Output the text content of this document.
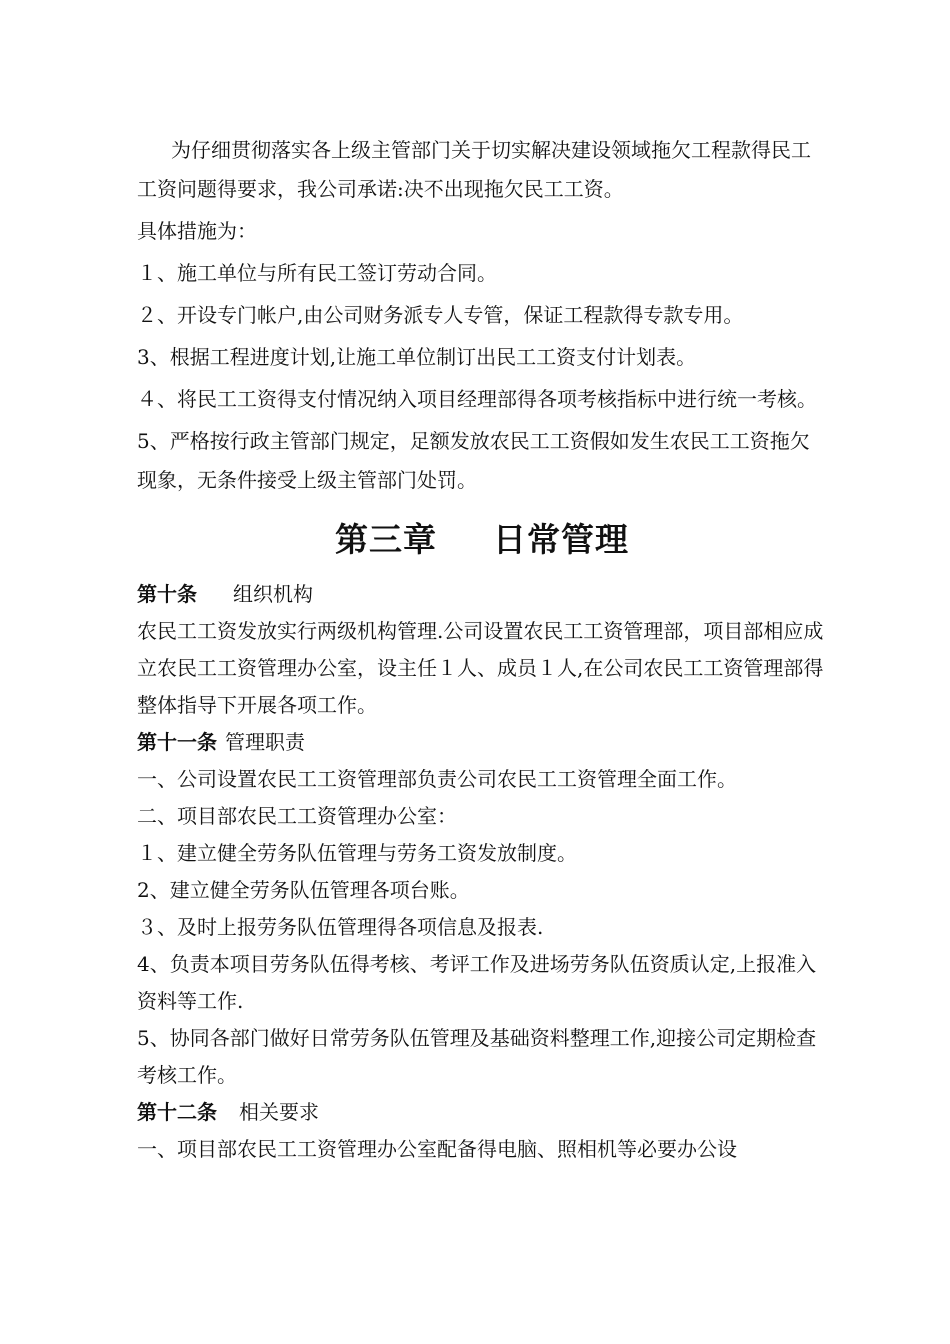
为仔细贯彻落实各上级主管部门关于切实解决建设领域拖欠工程款得民工工资问题得要求，我公司承诺:决不出现拖欠民工工资。

具体措施为：

１、施工单位与所有民工签订劳动合同。

２、开设专门帐户,由公司财务派专人专管，保证工程款得专款专用。

3、根据工程进度计划,让施工单位制订出民工工资支付计划表。

４、将民工工资得支付情况纳入项目经理部得各项考核指标中进行统一考核。

5、严格按行政主管部门规定，足额发放农民工工资假如发生农民工工资拖欠现象，无条件接受上级主管部门处罚。

第三章 日常管理

第十条 组织机构

农民工工资发放实行两级机构管理.公司设置农民工工资管理部，项目部相应成立农民工工资管理办公室，设主任１人、成员１人,在公司农民工工资管理部得整体指导下开展各项工作。

第十一条 管理职责

一、公司设置农民工工资管理部负责公司农民工工资管理全面工作。

二、项目部农民工工资管理办公室：

１、建立健全劳务队伍管理与劳务工资发放制度。

2、建立健全劳务队伍管理各项台账。

３、及时上报劳务队伍管理得各项信息及报表.

4、负责本项目劳务队伍得考核、考评工作及进场劳务队伍资质认定,上报准入资料等工作.

5、协同各部门做好日常劳务队伍管理及基础资料整理工作,迎接公司定期检查考核工作。

第十二条 相关要求

一、项目部农民工工资管理办公室配备得电脑、照相机等必要办公设
